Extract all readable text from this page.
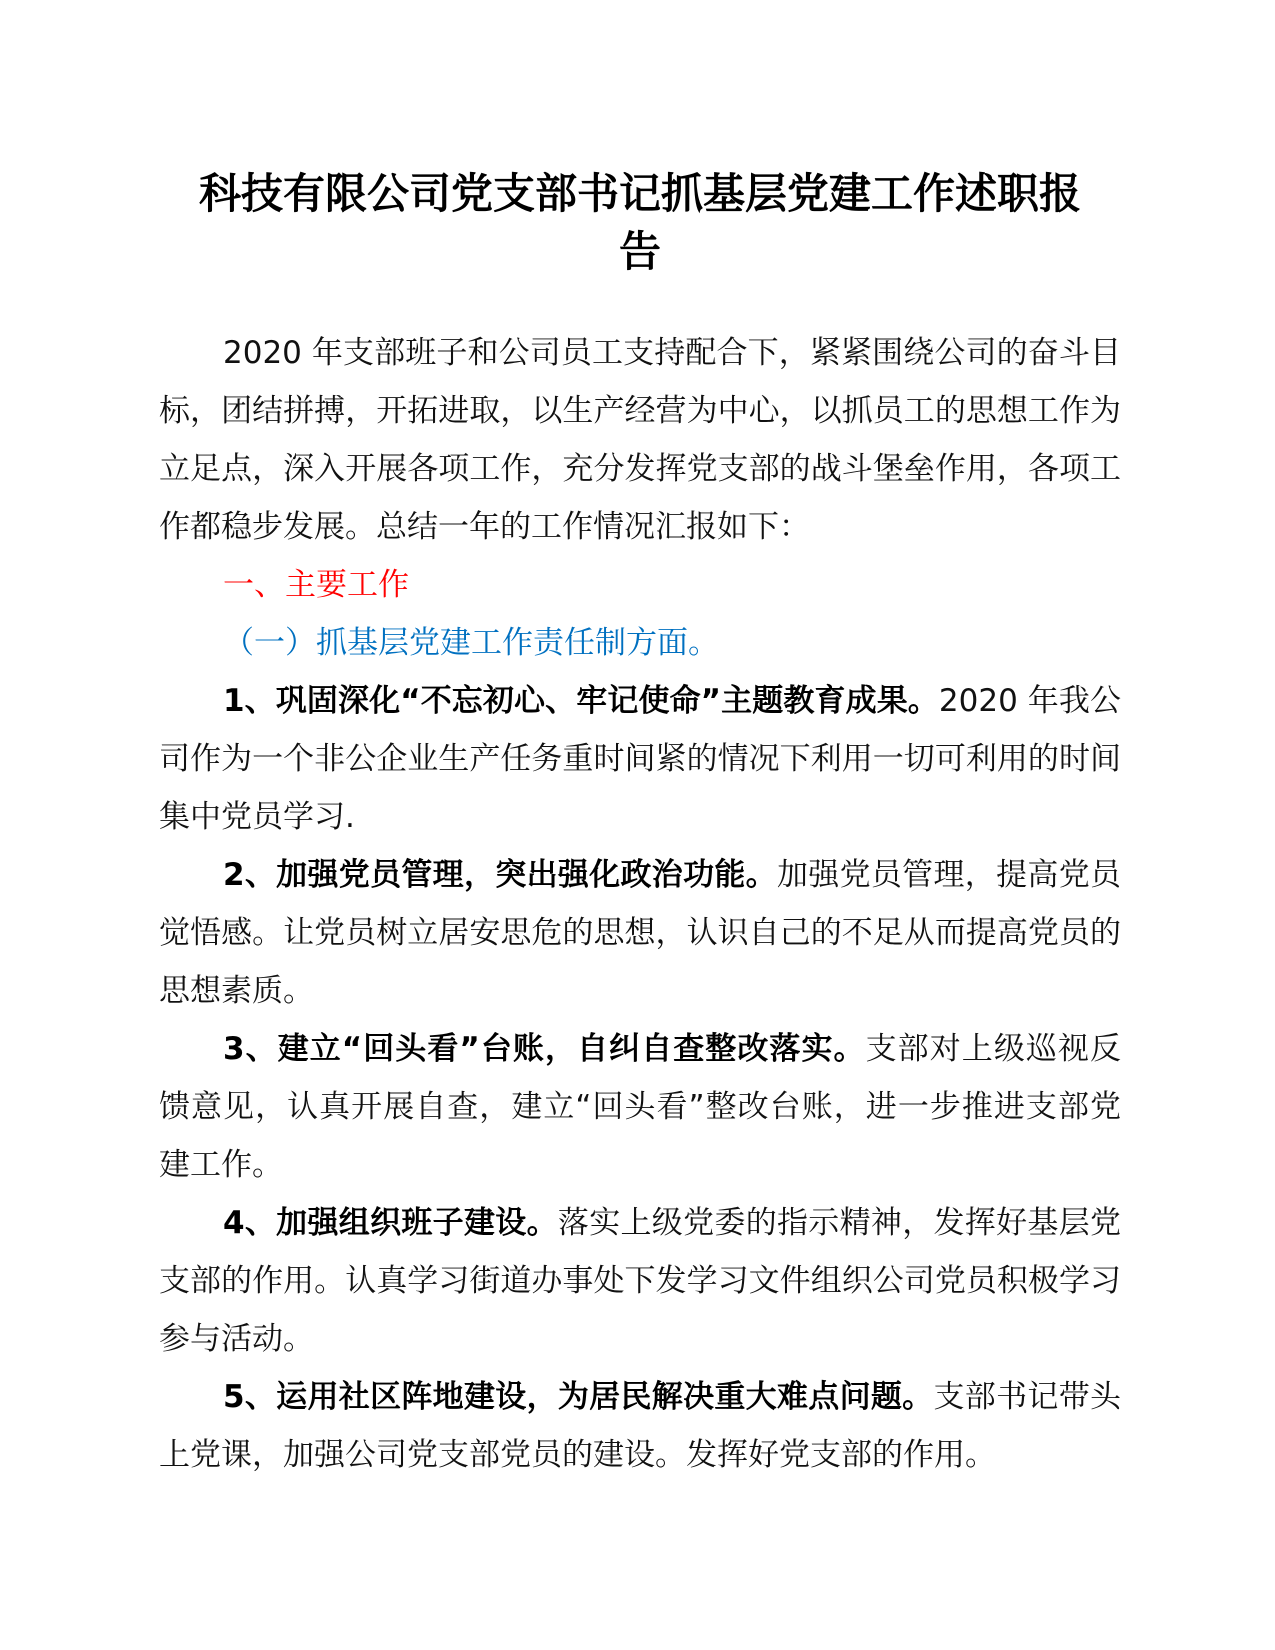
科技有限公司党支部书记抓基层党建工作述职报
告

2020 年支部班子和公司员工支持配合下，紧紧围绕公司的奋斗目标，团结拼搏，开拓进取，以生产经营为中心，以抓员工的思想工作为立足点，深入开展各项工作，充分发挥党支部的战斗堡垒作用，各项工作都稳步发展。总结一年的工作情况汇报如下：

一、主要工作

（一）抓基层党建工作责任制方面。

1、巩固深化“不忘初心、牢记使命”主题教育成果。2020 年我公司作为一个非公企业生产任务重时间紧的情况下利用一切可利用的时间集中党员学习.

2、加强党员管理，突出强化政治功能。加强党员管理，提高党员觉悟感。让党员树立居安思危的思想，认识自己的不足从而提高党员的思想素质。

3、建立“回头看”台账，自纠自查整改落实。支部对上级巡视反馈意见，认真开展自查，建立“回头看”整改台账，进一步推进支部党建工作。

4、加强组织班子建设。落实上级党委的指示精神，发挥好基层党支部的作用。认真学习街道办事处下发学习文件组织公司党员积极学习参与活动。

5、运用社区阵地建设，为居民解决重大难点问题。支部书记带头上党课，加强公司党支部党员的建设。发挥好党支部的作用。
